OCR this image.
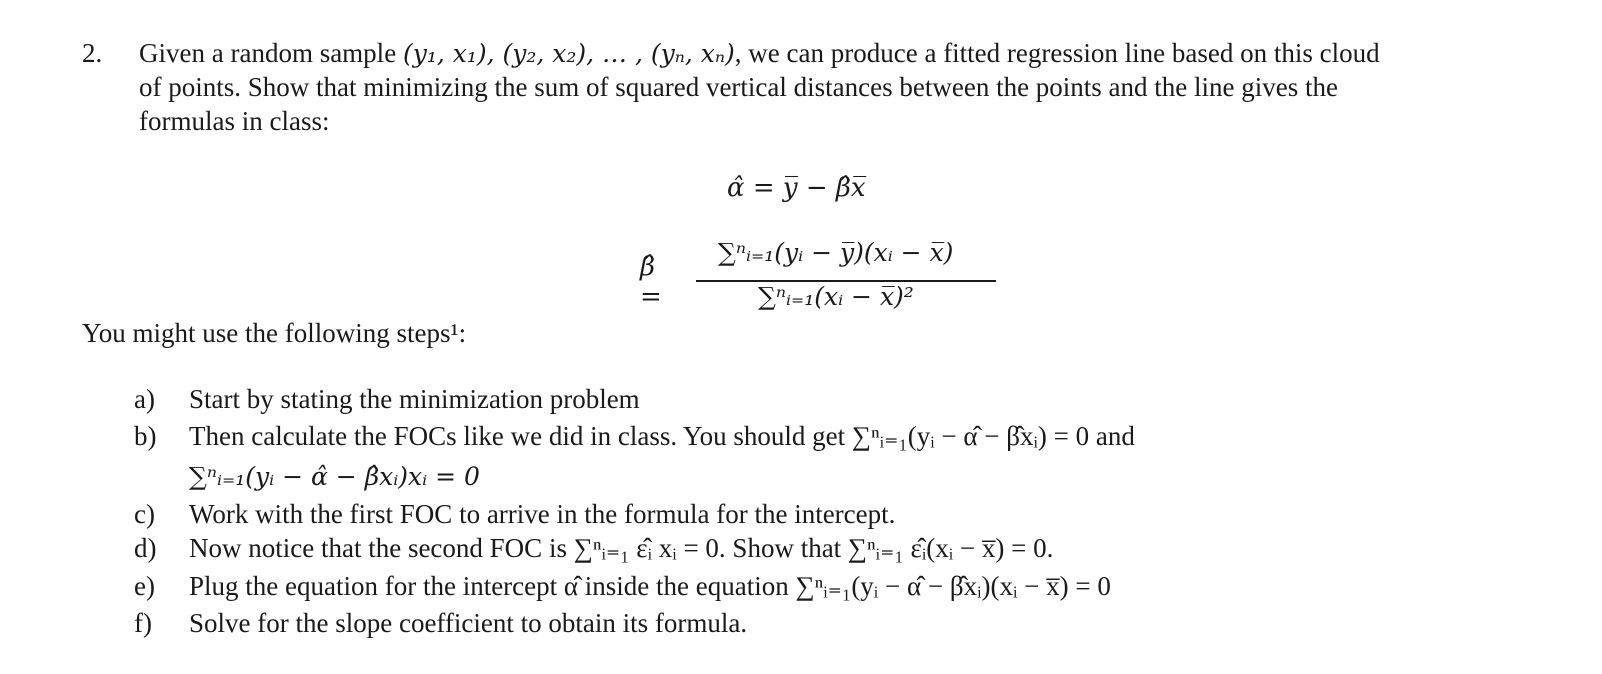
2. Given a random sample (y₁, x₁), (y₂, x₂), … , (yₙ, xₙ), we can produce a fitted regression line based on this cloud
of points. Show that minimizing the sum of squared vertical distances between the points and the line gives the
formulas in class:
α̂ = y̅ − β̂x̅
β̂ =
∑ⁿᵢ₌₁(yᵢ − y̅)(xᵢ − x̅)
∑ⁿᵢ₌₁(xᵢ − x̅)²
You might use the following steps¹:
a) Start by stating the minimization problem
b) Then calculate the FOCs like we did in class. You should get ∑ⁿᵢ₌₁(yᵢ − α̂ − β̂xᵢ) = 0 and
∑ⁿᵢ₌₁(yᵢ − α̂ − β̂xᵢ)xᵢ = 0
c) Work with the first FOC to arrive in the formula for the intercept.
d) Now notice that the second FOC is ∑ⁿᵢ₌₁ ε̂ᵢ xᵢ = 0. Show that ∑ⁿᵢ₌₁ ε̂ᵢ(xᵢ − x̅) = 0.
e) Plug the equation for the intercept α̂ inside the equation ∑ⁿᵢ₌₁(yᵢ − α̂ − β̂xᵢ)(xᵢ − x̅) = 0
f) Solve for the slope coefficient to obtain its formula.
